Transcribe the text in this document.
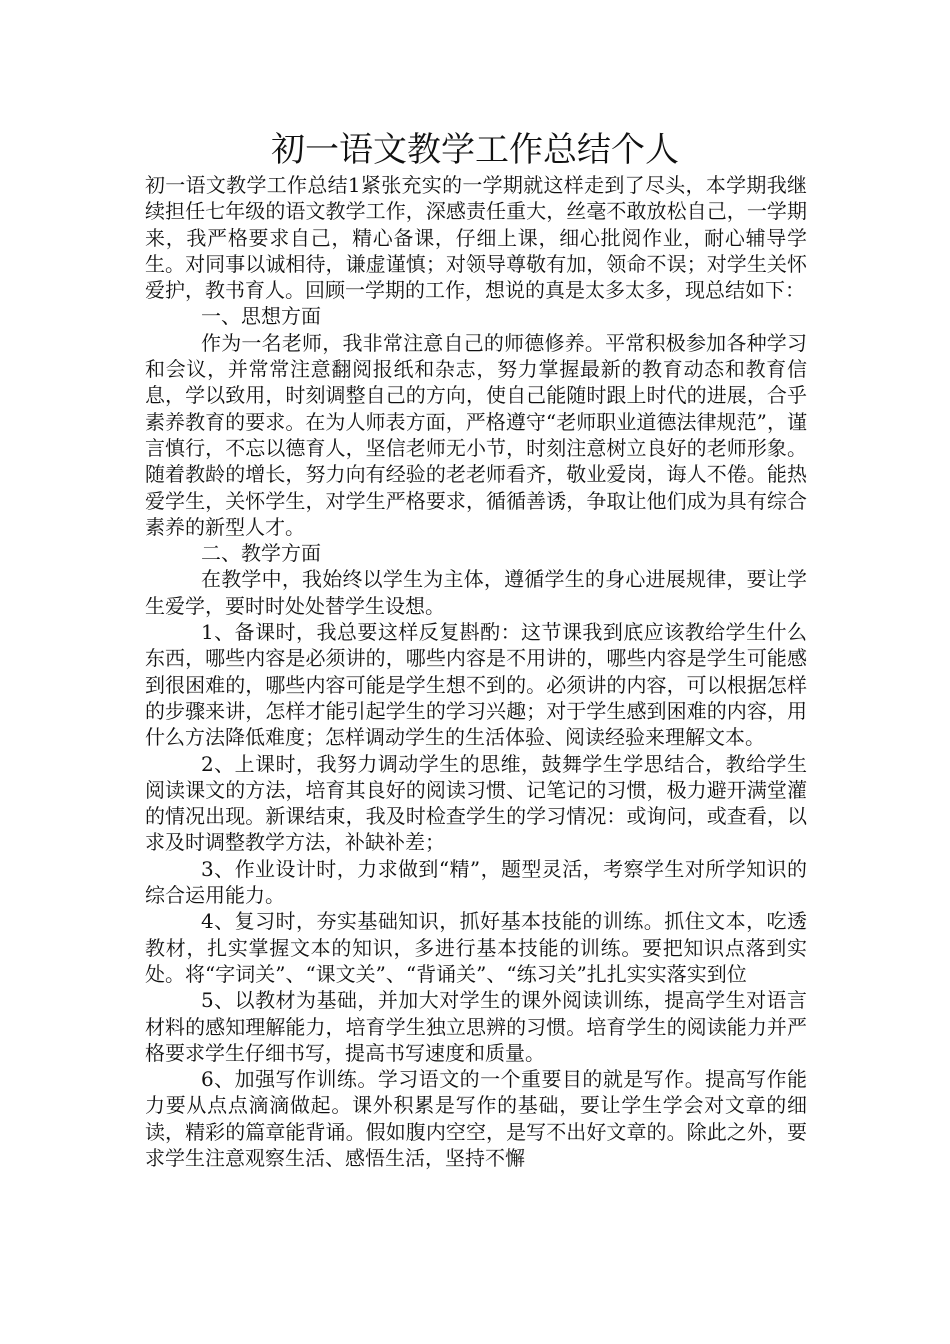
初一语文教学工作总结个人

初一语文教学工作总结1紧张充实的一学期就这样走到了尽头，本学期我继续担任七年级的语文教学工作，深感责任重大，丝毫不敢放松自己，一学期来，我严格要求自己，精心备课，仔细上课，细心批阅作业，耐心辅导学生。对同事以诚相待，谦虚谨慎；对领导尊敬有加，领命不误；对学生关怀爱护，教书育人。回顾一学期的工作，想说的真是太多太多，现总结如下：

一、思想方面

作为一名老师，我非常注意自己的师德修养。平常积极参加各种学习和会议，并常常注意翻阅报纸和杂志，努力掌握最新的教育动态和教育信息，学以致用，时刻调整自己的方向，使自己能随时跟上时代的进展，合乎素养教育的要求。在为人师表方面，严格遵守“老师职业道德法律规范”，谨言慎行，不忘以德育人，坚信老师无小节，时刻注意树立良好的老师形象。随着教龄的增长，努力向有经验的老老师看齐，敬业爱岗，诲人不倦。能热爱学生，关怀学生，对学生严格要求，循循善诱，争取让他们成为具有综合素养的新型人才。

二、教学方面

在教学中，我始终以学生为主体，遵循学生的身心进展规律，要让学生爱学，要时时处处替学生设想。

1、备课时，我总要这样反复斟酌：这节课我到底应该教给学生什么东西，哪些内容是必须讲的，哪些内容是不用讲的，哪些内容是学生可能感到很困难的，哪些内容可能是学生想不到的。必须讲的内容，可以根据怎样的步骤来讲，怎样才能引起学生的学习兴趣；对于学生感到困难的内容，用什么方法降低难度；怎样调动学生的生活体验、阅读经验来理解文本。

2、上课时，我努力调动学生的思维，鼓舞学生学思结合，教给学生阅读课文的方法，培育其良好的阅读习惯、记笔记的习惯，极力避开满堂灌的情况出现。新课结束，我及时检查学生的学习情况：或询问，或查看，以求及时调整教学方法，补缺补差；

3、作业设计时，力求做到“精”，题型灵活，考察学生对所学知识的综合运用能力。

4、复习时，夯实基础知识，抓好基本技能的训练。抓住文本，吃透教材，扎实掌握文本的知识，多进行基本技能的训练。要把知识点落到实处。将“字词关”、“课文关”、“背诵关”、“练习关”扎扎实实落实到位

5、以教材为基础，并加大对学生的课外阅读训练，提高学生对语言材料的感知理解能力，培育学生独立思辨的习惯。培育学生的阅读能力并严格要求学生仔细书写，提高书写速度和质量。

6、加强写作训练。学习语文的一个重要目的就是写作。提高写作能力要从点点滴滴做起。课外积累是写作的基础，要让学生学会对文章的细读，精彩的篇章能背诵。假如腹内空空，是写不出好文章的。除此之外，要求学生注意观察生活、感悟生活，坚持不懈
